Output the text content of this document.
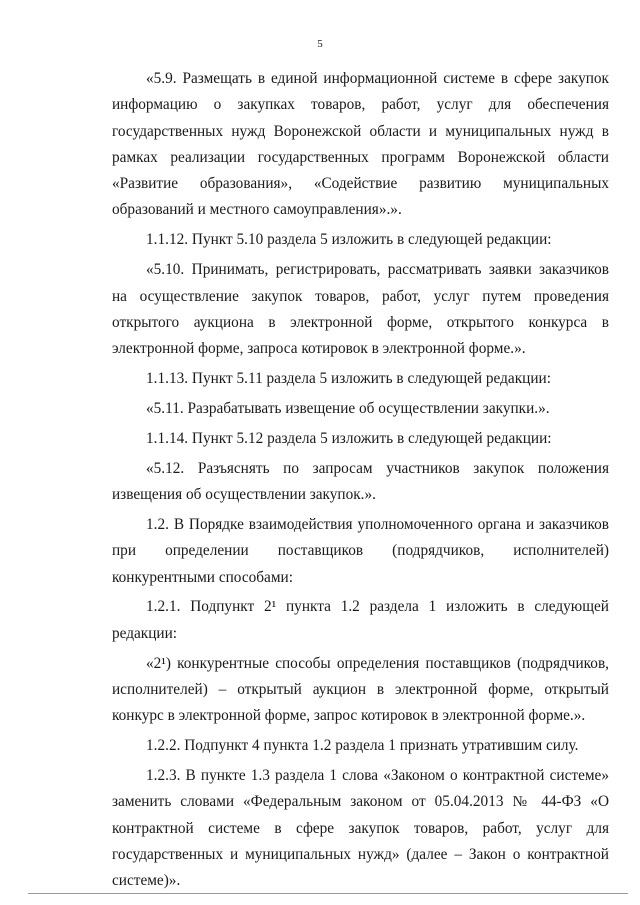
5

«5.9. Размещать в единой информационной системе в сфере закупок информацию о закупках товаров, работ, услуг для обеспечения государственных нужд Воронежской области и муниципальных нужд в рамках реализации государственных программ Воронежской области «Развитие образования», «Содействие развитию муниципальных образований и местного самоуправления».».

1.1.12. Пункт 5.10 раздела 5 изложить в следующей редакции:

«5.10. Принимать, регистрировать, рассматривать заявки заказчиков на осуществление закупок товаров, работ, услуг путем проведения открытого аукциона в электронной форме, открытого конкурса в электронной форме, запроса котировок в электронной форме.».

1.1.13. Пункт 5.11 раздела 5 изложить в следующей редакции:

«5.11. Разрабатывать извещение об осуществлении закупки.».

1.1.14. Пункт 5.12 раздела 5 изложить в следующей редакции:

«5.12. Разъяснять по запросам участников закупок положения извещения об осуществлении закупок.».

1.2. В Порядке взаимодействия уполномоченного органа и заказчиков при определении поставщиков (подрядчиков, исполнителей) конкурентными способами:

1.2.1. Подпункт 2¹ пункта 1.2 раздела 1 изложить в следующей редакции:

«2¹) конкурентные способы определения поставщиков (подрядчиков, исполнителей) – открытый аукцион в электронной форме, открытый конкурс в электронной форме, запрос котировок в электронной форме.».

1.2.2. Подпункт 4 пункта 1.2 раздела 1 признать утратившим силу.

1.2.3. В пункте 1.3 раздела 1 слова «Законом о контрактной системе» заменить словами «Федеральным законом от 05.04.2013 № 44-ФЗ «О контрактной системе в сфере закупок товаров, работ, услуг для государственных и муниципальных нужд» (далее – Закон о контрактной системе)».
